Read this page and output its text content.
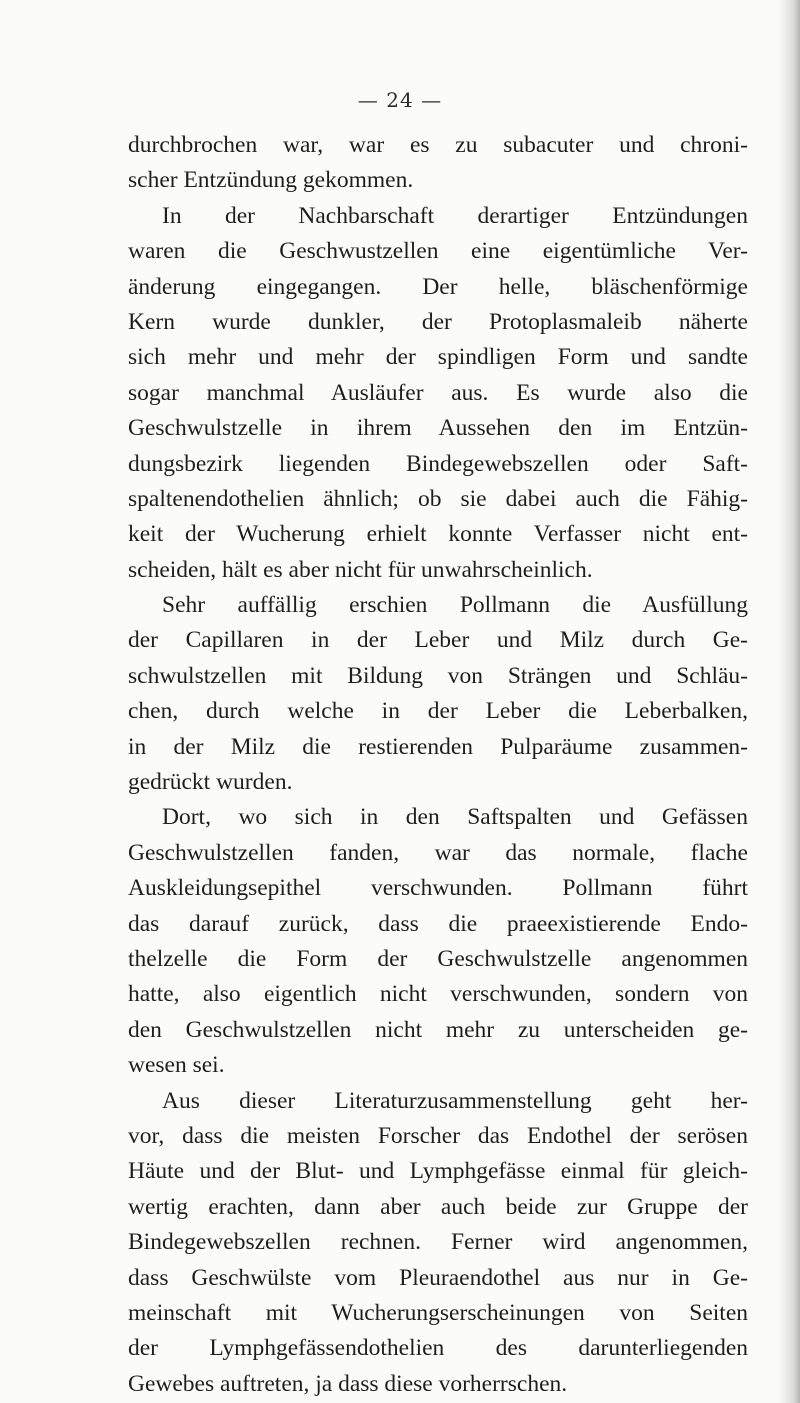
— 24 —
durchbrochen war, war es zu subacuter und chroni-
scher Entzündung gekommen.
In der Nachbarschaft derartiger Entzündungen
waren die Geschwustzellen eine eigentümliche Ver-
änderung eingegangen. Der helle, bläschenförmige
Kern wurde dunkler, der Protoplasmaleib näherte
sich mehr und mehr der spindligen Form und sandte
sogar manchmal Ausläufer aus. Es wurde also die
Geschwulstzelle in ihrem Aussehen den im Entzün-
dungsbezirk liegenden Bindegewebszellen oder Saft-
spaltenendothelien ähnlich; ob sie dabei auch die Fähig-
keit der Wucherung erhielt konnte Verfasser nicht ent-
scheiden, hält es aber nicht für unwahrscheinlich.
Sehr auffällig erschien Pollmann die Ausfüllung
der Capillaren in der Leber und Milz durch Ge-
schwulstzellen mit Bildung von Strängen und Schläu-
chen, durch welche in der Leber die Leberbalken,
in der Milz die restierenden Pulparäume zusammen-
gedrückt wurden.
Dort, wo sich in den Saftspalten und Gefässen
Geschwulstzellen fanden, war das normale, flache
Auskleidungsepithel verschwunden. Pollmann führt
das darauf zurück, dass die praeexistierende Endo-
thelzelle die Form der Geschwulstzelle angenommen
hatte, also eigentlich nicht verschwunden, sondern von
den Geschwulstzellen nicht mehr zu unterscheiden ge-
wesen sei.
Aus dieser Literaturzusammenstellung geht her-
vor, dass die meisten Forscher das Endothel der serösen
Häute und der Blut- und Lymphgefässe einmal für gleich-
wertig erachten, dann aber auch beide zur Gruppe der
Bindegewebszellen rechnen. Ferner wird angenommen,
dass Geschwülste vom Pleuraendothel aus nur in Ge-
meinschaft mit Wucherungserscheinungen von Seiten
der Lymphgefässendothelien des darunterliegenden
Gewebes auftreten, ja dass diese vorherrschen.
